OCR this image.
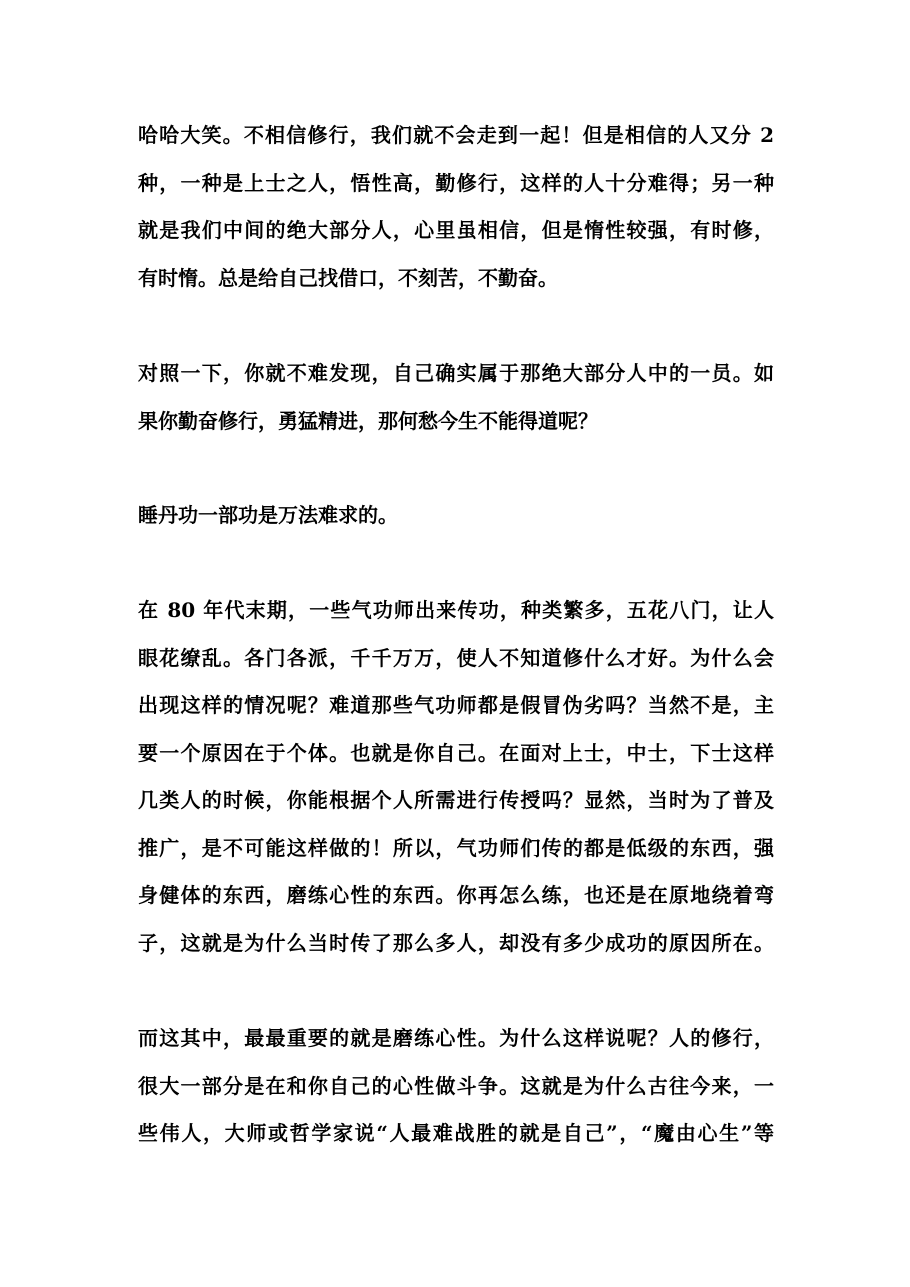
哈哈大笑。不相信修行，我们就不会走到一起！但是相信的人又分 2
种，一种是上士之人，悟性高，勤修行，这样的人十分难得；另一种
就是我们中间的绝大部分人，心里虽相信，但是惰性较强，有时修，
有时惰。总是给自己找借口，不刻苦，不勤奋。

对照一下，你就不难发现，自己确实属于那绝大部分人中的一员。如
果你勤奋修行，勇猛精进，那何愁今生不能得道呢？

睡丹功一部功是万法难求的。

在 80 年代末期，一些气功师出来传功，种类繁多，五花八门，让人
眼花缭乱。各门各派，千千万万，使人不知道修什么才好。为什么会
出现这样的情况呢？难道那些气功师都是假冒伪劣吗？当然不是，主
要一个原因在于个体。也就是你自己。在面对上士，中士，下士这样
几类人的时候，你能根据个人所需进行传授吗？显然，当时为了普及
推广，是不可能这样做的！所以，气功师们传的都是低级的东西，强
身健体的东西，磨练心性的东西。你再怎么练，也还是在原地绕着弯
子，这就是为什么当时传了那么多人，却没有多少成功的原因所在。

而这其中，最最重要的就是磨练心性。为什么这样说呢？人的修行，
很大一部分是在和你自己的心性做斗争。这就是为什么古往今来，一
些伟人，大师或哲学家说“人最难战胜的就是自己”，“魔由心生”等
